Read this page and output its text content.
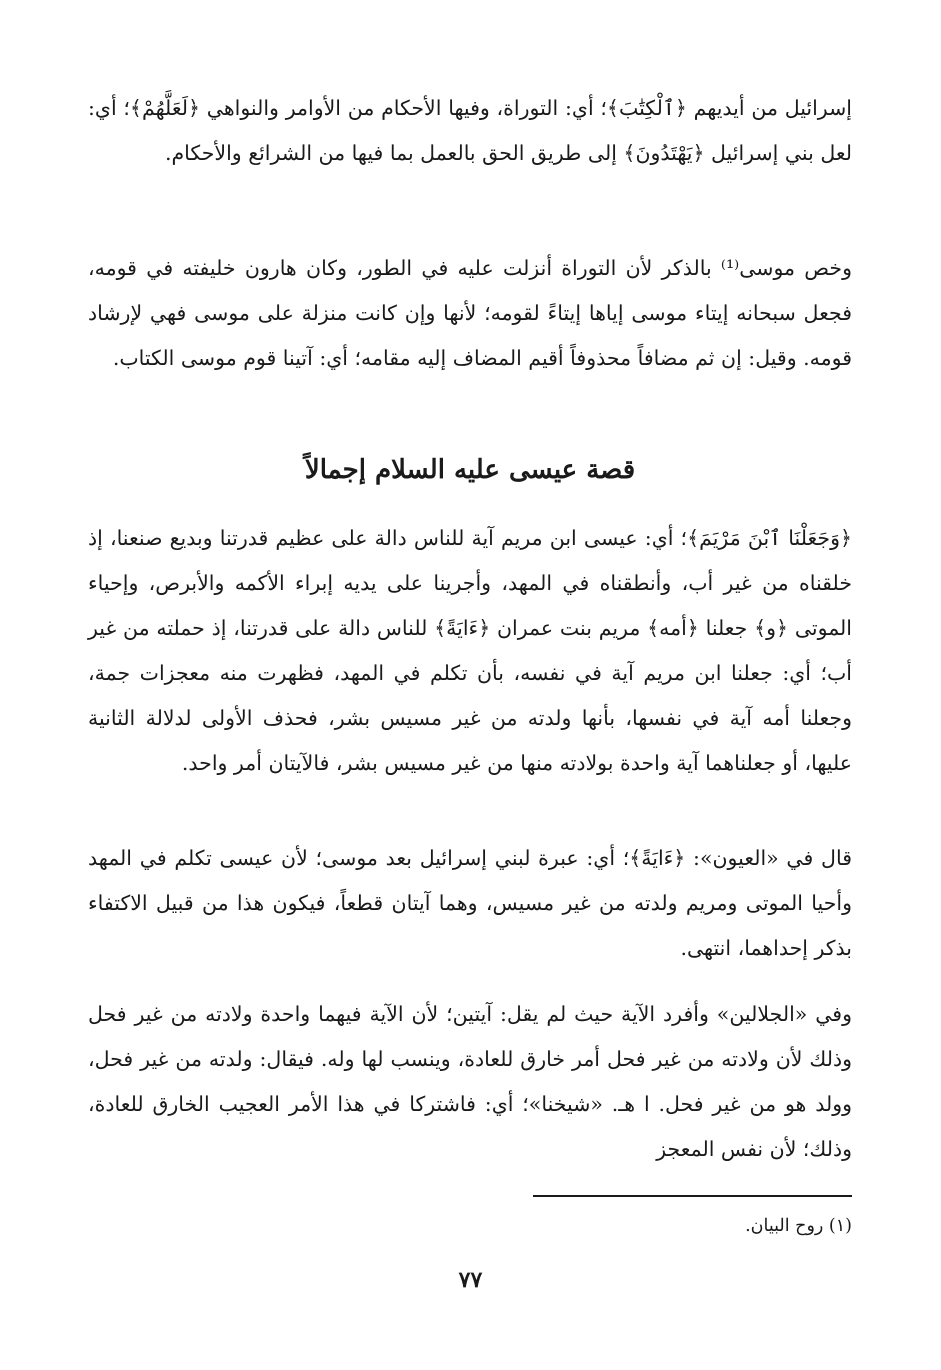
إسرائيل من أيديهم ﴿ٱلْكِتَٰبَ﴾؛ أي: التوراة، وفيها الأحكام من الأوامر والنواهي ﴿لَعَلَّهُمْ﴾؛ أي: لعل بني إسرائيل ﴿يَهْتَدُونَ﴾ إلى طريق الحق بالعمل بما فيها من الشرائع والأحكام.

وخص موسى⁽¹⁾ بالذكر لأن التوراة أنزلت عليه في الطور، وكان هارون خليفته في قومه، فجعل سبحانه إيتاء موسى إياها إيتاءً لقومه؛ لأنها وإن كانت منزلة على موسى فهي لإرشاد قومه. وقيل: إن ثم مضافاً محذوفاً أقيم المضاف إليه مقامه؛ أي: آتينا قوم موسى الكتاب.

قصة عيسى عليه السلام إجمالاً

﴿وَجَعَلْنَا ٱبْنَ مَرْيَمَ﴾؛ أي: عيسى ابن مريم آية للناس دالة على عظيم قدرتنا وبديع صنعنا، إذ خلقناه من غير أب، وأنطقناه في المهد، وأجرينا على يديه إبراء الأكمه والأبرص، وإحياء الموتى ﴿و﴾ جعلنا ﴿أمه﴾ مريم بنت عمران ﴿ءَايَةً﴾ للناس دالة على قدرتنا، إذ حملته من غير أب؛ أي: جعلنا ابن مريم آية في نفسه، بأن تكلم في المهد، فظهرت منه معجزات جمة، وجعلنا أمه آية في نفسها، بأنها ولدته من غير مسيس بشر، فحذف الأولى لدلالة الثانية عليها، أو جعلناهما آية واحدة بولادته منها من غير مسيس بشر، فالآيتان أمر واحد.

قال في «العيون»: ﴿ءَايَةً﴾؛ أي: عبرة لبني إسرائيل بعد موسى؛ لأن عيسى تكلم في المهد وأحيا الموتى ومريم ولدته من غير مسيس، وهما آيتان قطعاً، فيكون هذا من قبيل الاكتفاء بذكر إحداهما، انتهى.

وفي «الجلالين» وأفرد الآية حيث لم يقل: آيتين؛ لأن الآية فيهما واحدة ولادته من غير فحل وذلك لأن ولادته من غير فحل أمر خارق للعادة، وينسب لها وله. فيقال: ولدته من غير فحل، وولد هو من غير فحل. ا هـ. «شيخنا»؛ أي: فاشتركا في هذا الأمر العجيب الخارق للعادة، وذلك؛ لأن نفس المعجز

(١) روح البيان.

٧٧
